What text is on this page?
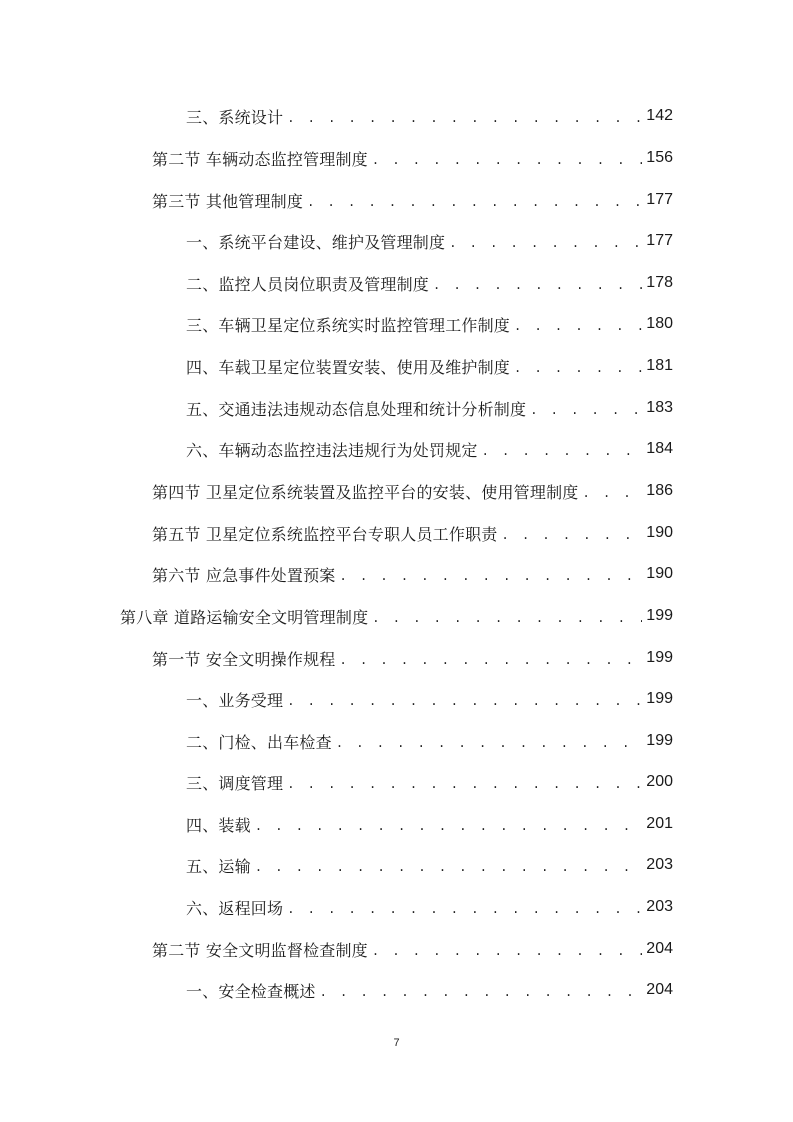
三、系统设计 . . .	142
第二节 车辆动态监控管理制度 . . .	156
第三节 其他管理制度 . . .	177
一、系统平台建设、维护及管理制度 . . .	177
二、监控人员岗位职责及管理制度 . . .	178
三、车辆卫星定位系统实时监控管理工作制度 . . .	180
四、车载卫星定位装置安装、使用及维护制度 . . .	181
五、交通违法违规动态信息处理和统计分析制度 . . .	183
六、车辆动态监控违法违规行为处罚规定 . . .	184
第四节 卫星定位系统装置及监控平台的安装、使用管理制度 . . .	186
第五节 卫星定位系统监控平台专职人员工作职责 . . .	190
第六节 应急事件处置预案 . . .	190
第八章 道路运输安全文明管理制度 . . .	199
第一节 安全文明操作规程 . . .	199
一、业务受理 . . .	199
二、门检、出车检查 . . .	199
三、调度管理 . . .	200
四、装载 . . .	201
五、运输 . . .	203
六、返程回场 . . .	203
第二节 安全文明监督检查制度 . . .	204
一、安全检查概述 . . .	204
7
